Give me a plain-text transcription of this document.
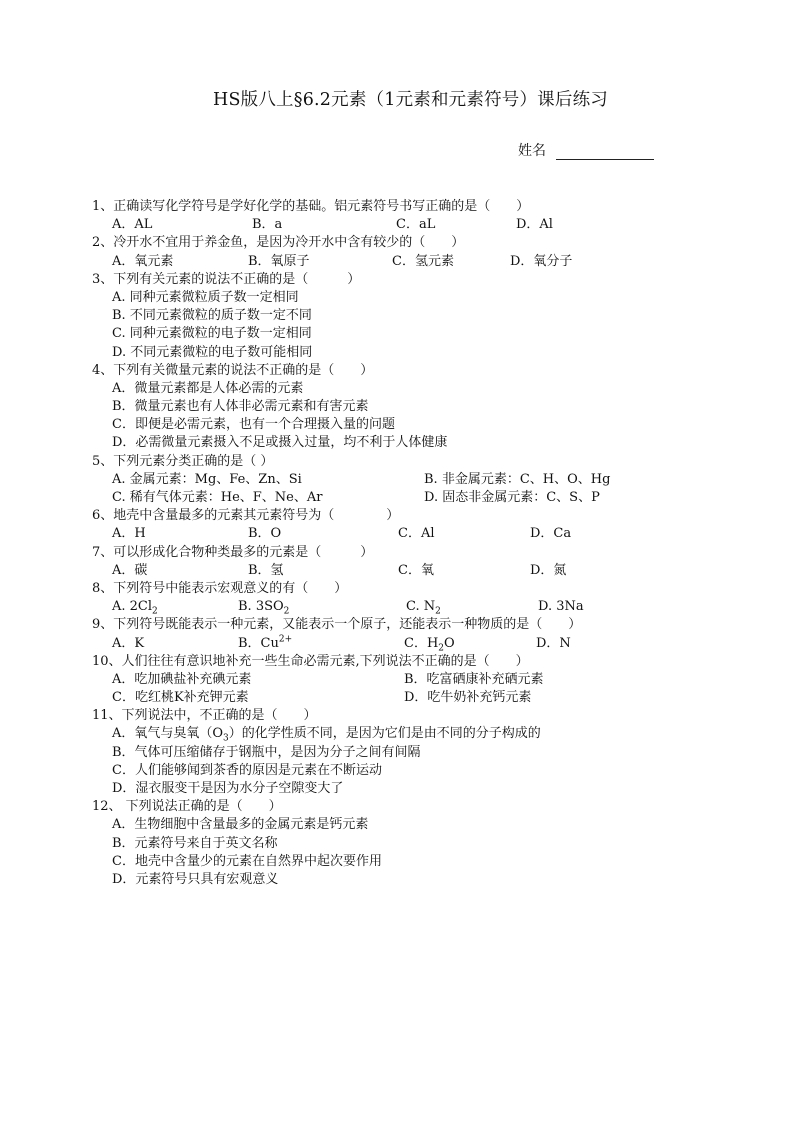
HS版八上§6.2元素（1元素和元素符号）课后练习
姓名
1、正确读写化学符号是学好化学的基础。铝元素符号书写正确的是（　　）
A．AL	B．a	C．aL	D．Al
2、冷开水不宜用于养金鱼，是因为冷开水中含有较少的（　　）
A．氧元素	B．氧原子	C．氢元素	D．氧分子
3、下列有关元素的说法不正确的是（　　　）
A. 同种元素微粒质子数一定相同
B. 不同元素微粒的质子数一定不同
C. 同种元素微粒的电子数一定相同
D. 不同元素微粒的电子数可能相同
4、下列有关微量元素的说法不正确的是（　　）
A．微量元素都是人体必需的元素
B．微量元素也有人体非必需元素和有害元素
C．即便是必需元素，也有一个合理摄入量的问题
D．必需微量元素摄入不足或摄入过量，均不利于人体健康
5、下列元素分类正确的是（ ）
A. 金属元素：Mg、Fe、Zn、Si	B. 非金属元素：C、H、O、Hg
C. 稀有气体元素：He、F、Ne、Ar	D. 固态非金属元素：C、S、P
6、地壳中含量最多的元素其元素符号为（　　　　）
A．H	B．O	C．Al	D．Ca
7、可以形成化合物种类最多的元素是（　　　）
A．碳	B．氢	C．氧	D．氮
8、下列符号中能表示宏观意义的有（　　）
A. $2Cl_2$	B. $3SO_2$	C. $N_2$	D. 3Na
9、下列符号既能表示一种元素，又能表示一个原子，还能表示一种物质的是（　　）
A．K	B．$Cu^{2+}$	C．$H_2O$	D．N
10、人们往往有意识地补充一些生命必需元素,下列说法不正确的是（　　）
A．吃加碘盐补充碘元素	B．吃富硒康补充硒元素
C．吃红桃K补充钾元素	D．吃牛奶补充钙元素
11、下列说法中，不正确的是（　　）
A．氧气与臭氧$(O_3)$的化学性质不同，是因为它们是由不同的分子构成的
B．气体可压缩储存于钢瓶中，是因为分子之间有间隔
C．人们能够闻到茶香的原因是元素在不断运动
D．湿衣服变干是因为水分子空隙变大了
12、 下列说法正确的是（　　）
A．生物细胞中含量最多的金属元素是钙元素
B．元素符号来自于英文名称
C．地壳中含量少的元素在自然界中起次要作用
D．元素符号只具有宏观意义
